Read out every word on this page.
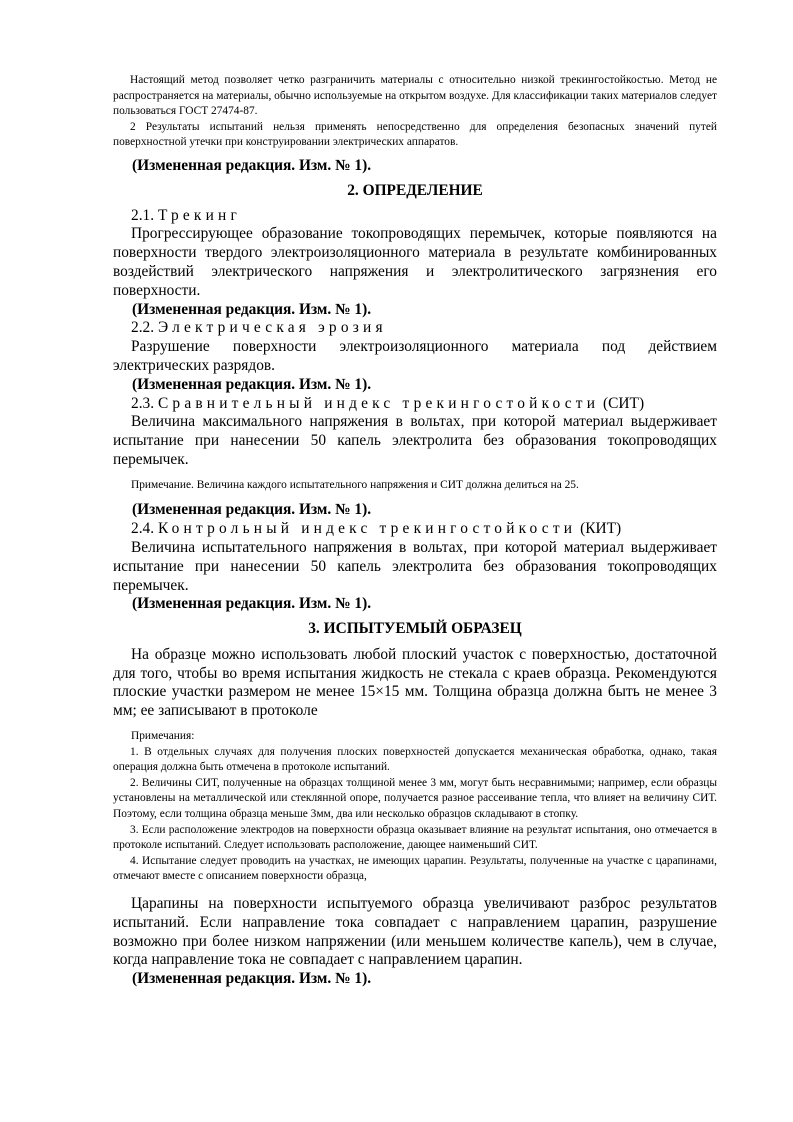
Настоящий метод позволяет четко разграничить материалы с относительно низкой трекингостойкостью. Метод не распространяется на материалы, обычно используемые на открытом воздухе. Для классификации таких материалов следует пользоваться ГОСТ 27474-87.

2 Результаты испытаний нельзя применять непосредственно для определения безопасных значений путей поверхностной утечки при конструировании электрических аппаратов.

(Измененная редакция. Изм. № 1).

2. ОПРЕДЕЛЕНИЕ

2.1. Трекинг

Прогрессирующее образование токопроводящих перемычек, которые появляются на поверхности твердого электроизоляционного материала в результате комбинированных воздействий электрического напряжения и электролитического загрязнения его поверхности.

(Измененная редакция. Изм. № 1).

2.2. Электрическая эрозия

Разрушение поверхности электроизоляционного материала под действием электрических разрядов.

(Измененная редакция. Изм. № 1).

2.3. Сравнительный индекс трекингостойкости (СИТ)

Величина максимального напряжения в вольтах, при которой материал выдерживает испытание при нанесении 50 капель электролита без образования токопроводящих перемычек.

Примечание. Величина каждого испытательного напряжения и СИТ должна делиться на 25.

(Измененная редакция. Изм. № 1).

2.4. Контрольный индекс трекингостойкости (КИТ)

Величина испытательного напряжения в вольтах, при которой материал выдерживает испытание при нанесении 50 капель электролита без образования токопроводящих перемычек.

(Измененная редакция. Изм. № 1).

3. ИСПЫТУЕМЫЙ ОБРАЗЕЦ

На образце можно использовать любой плоский участок с поверхностью, достаточной для того, чтобы во время испытания жидкость не стекала с краев образца. Рекомендуются плоские участки размером не менее 15×15 мм. Толщина образца должна быть не менее 3 мм; ее записывают в протоколе

Примечания:

1. В отдельных случаях для получения плоских поверхностей допускается механическая обработка, однако, такая операция должна быть отмечена в протоколе испытаний.

2. Величины СИТ, полученные на образцах толщиной менее 3 мм, могут быть несравнимыми; например, если образцы установлены на металлической или стеклянной опоре, получается разное рассеивание тепла, что влияет на величину СИТ. Поэтому, если толщина образца меньше 3мм, два или несколько образцов складывают в стопку.

3. Если расположение электродов на поверхности образца оказывает влияние на результат испытания, оно отмечается в протоколе испытаний. Следует использовать расположение, дающее наименьший СИТ.

4. Испытание следует проводить на участках, не имеющих царапин. Результаты, полученные на участке с царапинами, отмечают вместе с описанием поверхности образца,

Царапины на поверхности испытуемого образца увеличивают разброс результатов испытаний. Если направление тока совпадает с направлением царапин, разрушение возможно при более низком напряжении (или меньшем количестве капель), чем в случае, когда направление тока не совпадает с направлением царапин.

(Измененная редакция. Изм. № 1).
